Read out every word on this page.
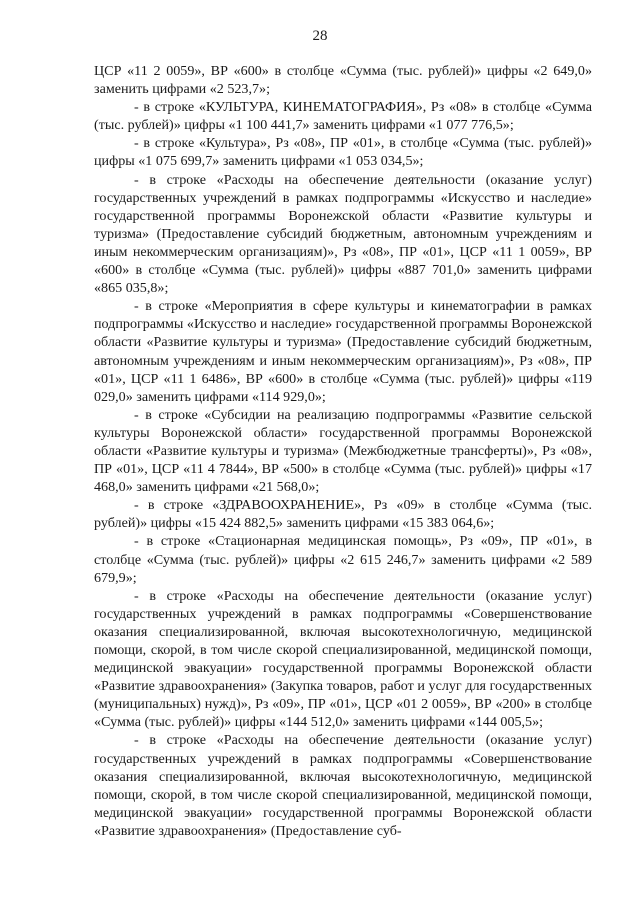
28

ЦСР «11 2 0059», ВР «600» в столбце «Сумма (тыс. рублей)» цифры «2 649,0» заменить цифрами «2 523,7»;

- в строке «КУЛЬТУРА, КИНЕМАТОГРАФИЯ», Рз «08» в столбце «Сумма (тыс. рублей)» цифры «1 100 441,7» заменить цифрами «1 077 776,5»;

- в строке «Культура», Рз «08», ПР «01», в столбце «Сумма (тыс. рублей)» цифры «1 075 699,7» заменить цифрами «1 053 034,5»;

- в строке «Расходы на обеспечение деятельности (оказание услуг) государственных учреждений в рамках подпрограммы «Искусство и наследие» государственной программы Воронежской области «Развитие культуры и туризма» (Предоставление субсидий бюджетным, автономным учреждениям и иным некоммерческим организациям)», Рз «08», ПР «01», ЦСР «11 1 0059», ВР «600» в столбце «Сумма (тыс. рублей)» цифры «887 701,0» заменить цифрами «865 035,8»;

- в строке «Мероприятия в сфере культуры и кинематографии в рамках подпрограммы «Искусство и наследие» государственной программы Воронежской области «Развитие культуры и туризма» (Предоставление субсидий бюджетным, автономным учреждениям и иным некоммерческим организациям)», Рз «08», ПР «01», ЦСР «11 1 6486», ВР «600» в столбце «Сумма (тыс. рублей)» цифры «119 029,0» заменить цифрами «114 929,0»;

- в строке «Субсидии на реализацию подпрограммы «Развитие сельской культуры Воронежской области» государственной программы Воронежской области «Развитие культуры и туризма» (Межбюджетные трансферты)», Рз «08», ПР «01», ЦСР «11 4 7844», ВР «500» в столбце «Сумма (тыс. рублей)» цифры «17 468,0» заменить цифрами «21 568,0»;

- в строке «ЗДРАВООХРАНЕНИЕ», Рз «09» в столбце «Сумма (тыс. рублей)» цифры «15 424 882,5» заменить цифрами «15 383 064,6»;

- в строке «Стационарная медицинская помощь», Рз «09», ПР «01», в столбце «Сумма (тыс. рублей)» цифры «2 615 246,7» заменить цифрами «2 589 679,9»;

- в строке «Расходы на обеспечение деятельности (оказание услуг) государственных учреждений в рамках подпрограммы «Совершенствование оказания специализированной, включая высокотехнологичную, медицинской помощи, скорой, в том числе скорой специализированной, медицинской помощи, медицинской эвакуации» государственной программы Воронежской области «Развитие здравоохранения» (Закупка товаров, работ и услуг для государственных (муниципальных) нужд)», Рз «09», ПР «01», ЦСР «01 2 0059», ВР «200» в столбце «Сумма (тыс. рублей)» цифры «144 512,0» заменить цифрами «144 005,5»;

- в строке «Расходы на обеспечение деятельности (оказание услуг) государственных учреждений в рамках подпрограммы «Совершенствование оказания специализированной, включая высокотехнологичную, медицинской помощи, скорой, в том числе скорой специализированной, медицинской помощи, медицинской эвакуации» государственной программы Воронежской области «Развитие здравоохранения» (Предоставление суб-
